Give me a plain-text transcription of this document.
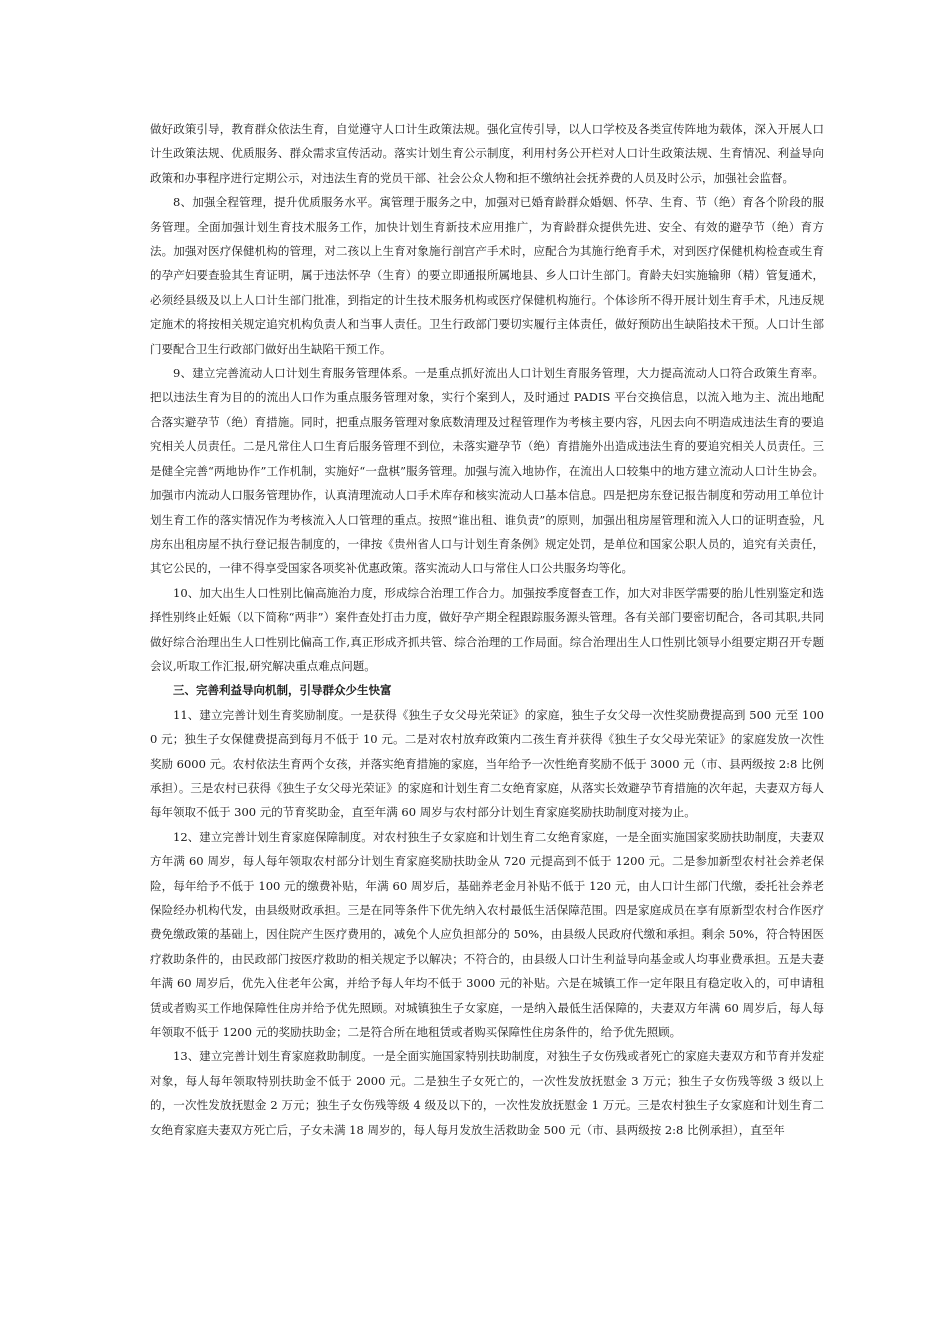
做好政策引导，教育群众依法生育，自觉遵守人口计生政策法规。强化宣传引导，以人口学校及各类宣传阵地为载体，深入开展人口计生政策法规、优质服务、群众需求宣传活动。落实计划生育公示制度，利用村务公开栏对人口计生政策法规、生育情况、利益导向政策和办事程序进行定期公示，对违法生育的党员干部、社会公众人物和拒不缴纳社会抚养费的人员及时公示，加强社会监督。

8、加强全程管理，提升优质服务水平。寓管理于服务之中，加强对已婚育龄群众婚姻、怀孕、生育、节（绝）育各个阶段的服务管理。全面加强计划生育技术服务工作，加快计划生育新技术应用推广，为育龄群众提供先进、安全、有效的避孕节（绝）育方法。加强对医疗保健机构的管理，对二孩以上生育对象施行剖宫产手术时，应配合为其施行绝育手术，对到医疗保健机构检查或生育的孕产妇要查验其生育证明，属于违法怀孕（生育）的要立即通报所属地县、乡人口计生部门。育龄夫妇实施输卵（精）管复通术，必须经县级及以上人口计生部门批准，到指定的计生技术服务机构或医疗保健机构施行。个体诊所不得开展计划生育手术，凡违反规定施术的将按相关规定追究机构负责人和当事人责任。卫生行政部门要切实履行主体责任，做好预防出生缺陷技术干预。人口计生部门要配合卫生行政部门做好出生缺陷干预工作。

9、建立完善流动人口计划生育服务管理体系。一是重点抓好流出人口计划生育服务管理，大力提高流动人口符合政策生育率。把以违法生育为目的的流出人口作为重点服务管理对象，实行个案到人，及时通过 PADIS 平台交换信息，以流入地为主、流出地配合落实避孕节（绝）育措施。同时，把重点服务管理对象底数清理及过程管理作为考核主要内容，凡因去向不明造成违法生育的要追究相关人员责任。二是凡常住人口生育后服务管理不到位，未落实避孕节（绝）育措施外出造成违法生育的要追究相关人员责任。三是健全完善“两地协作”工作机制，实施好“一盘棋”服务管理。加强与流入地协作，在流出人口较集中的地方建立流动人口计生协会。加强市内流动人口服务管理协作，认真清理流动人口手术库存和核实流动人口基本信息。四是把房东登记报告制度和劳动用工单位计划生育工作的落实情况作为考核流入人口管理的重点。按照“谁出租、谁负责”的原则，加强出租房屋管理和流入人口的证明查验，凡房东出租房屋不执行登记报告制度的，一律按《贵州省人口与计划生育条例》规定处罚，是单位和国家公职人员的，追究有关责任，其它公民的，一律不得享受国家各项奖补优惠政策。落实流动人口与常住人口公共服务均等化。

10、加大出生人口性别比偏高施治力度，形成综合治理工作合力。加强按季度督查工作，加大对非医学需要的胎儿性别鉴定和选择性别终止妊娠（以下简称“两非”）案件查处打击力度，做好孕产期全程跟踪服务源头管理。各有关部门要密切配合，各司其职,共同做好综合治理出生人口性别比偏高工作,真正形成齐抓共管、综合治理的工作局面。综合治理出生人口性别比领导小组要定期召开专题会议,听取工作汇报,研究解决重点难点问题。

三、完善利益导向机制，引导群众少生快富

11、建立完善计划生育奖励制度。一是获得《独生子女父母光荣证》的家庭，独生子女父母一次性奖励费提高到 500 元至 1000 元；独生子女保健费提高到每月不低于 10 元。二是对农村放弃政策内二孩生育并获得《独生子女父母光荣证》的家庭发放一次性奖励 6000 元。农村依法生育两个女孩，并落实绝育措施的家庭，当年给予一次性绝育奖励不低于 3000 元（市、县两级按 2:8 比例承担）。三是农村已获得《独生子女父母光荣证》的家庭和计划生育二女绝育家庭，从落实长效避孕节育措施的次年起，夫妻双方每人每年领取不低于 300 元的节育奖助金，直至年满 60 周岁与农村部分计划生育家庭奖励扶助制度对接为止。

12、建立完善计划生育家庭保障制度。对农村独生子女家庭和计划生育二女绝育家庭，一是全面实施国家奖励扶助制度，夫妻双方年满 60 周岁，每人每年领取农村部分计划生育家庭奖励扶助金从 720 元提高到不低于 1200 元。二是参加新型农村社会养老保险，每年给予不低于 100 元的缴费补贴，年满 60 周岁后，基础养老金月补贴不低于 120 元，由人口计生部门代缴，委托社会养老保险经办机构代发，由县级财政承担。三是在同等条件下优先纳入农村最低生活保障范围。四是家庭成员在享有原新型农村合作医疗费免缴政策的基础上，因住院产生医疗费用的，减免个人应负担部分的 50%，由县级人民政府代缴和承担。剩余 50%，符合特困医疗救助条件的，由民政部门按医疗救助的相关规定予以解决；不符合的，由县级人口计生利益导向基金或人均事业费承担。五是夫妻年满 60 周岁后，优先入住老年公寓，并给予每人年均不低于 3000 元的补贴。六是在城镇工作一定年限且有稳定收入的，可申请租赁或者购买工作地保障性住房并给予优先照顾。对城镇独生子女家庭，一是纳入最低生活保障的，夫妻双方年满 60 周岁后，每人每年领取不低于 1200 元的奖励扶助金；二是符合所在地租赁或者购买保障性住房条件的，给予优先照顾。

13、建立完善计划生育家庭救助制度。一是全面实施国家特别扶助制度，对独生子女伤残或者死亡的家庭夫妻双方和节育并发症对象，每人每年领取特别扶助金不低于 2000 元。二是独生子女死亡的，一次性发放抚慰金 3 万元；独生子女伤残等级 3 级以上的，一次性发放抚慰金 2 万元；独生子女伤残等级 4 级及以下的，一次性发放抚慰金 1 万元。三是农村独生子女家庭和计划生育二女绝育家庭夫妻双方死亡后，子女未满 18 周岁的，每人每月发放生活救助金 500 元（市、县两级按 2:8 比例承担），直至年
